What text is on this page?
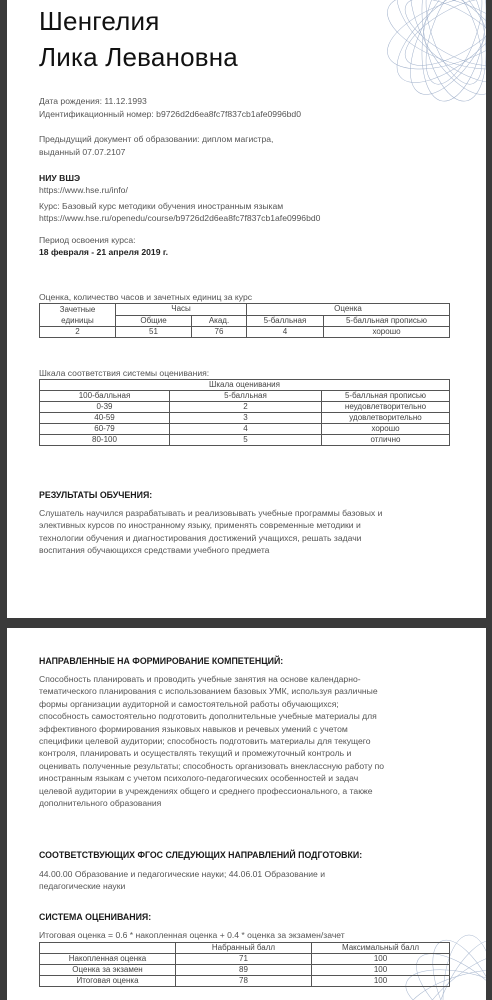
Шенгелия
Лика Левановна
Дата рождения: 11.12.1993
Идентификационный номер: b9726d2d6ea8fc7f837cb1afe0996bd0
Предыдущий документ об образовании: диплом магистра,
выданный 07.07.2107
НИУ ВШЭ
https://www.hse.ru/info/
Курс: Базовый курс методики обучения иностранным языкам
https://www.hse.ru/openedu/course/b9726d2d6ea8fc7f837cb1afe0996bd0
Период освоения курса:
18 февраля - 21 апреля 2019 г.
Оценка, количество часов и зачетных единиц за курс
Зачетные
единицы	Часы		Оценка	
	Общие	Акад.	5-балльная	5-балльная прописью
2	51	76	4	хорошо
Шкала соответствия системы оценивания:
Шкала оценивания		
100-балльная	5-балльная	5-балльная прописью
0-39	2	неудовлетворительно
40-59	3	удовлетворительно
60-79	4	хорошо
80-100	5	отлично
РЕЗУЛЬТАТЫ ОБУЧЕНИЯ:
Слушатель научился разрабатывать и реализовывать учебные программы базовых и
элективных курсов по иностранному языку, применять современные методики и
технологии обучения и диагностирования достижений учащихся, решать задачи
воспитания обучающихся средствами учебного предмета
НАПРАВЛЕННЫЕ НА ФОРМИРОВАНИЕ КОМПЕТЕНЦИЙ:
Способность планировать и проводить учебные занятия на основе календарно-
тематического планирования с использованием базовых УМК, используя различные
формы организации аудиторной и самостоятельной работы обучающихся;
способность самостоятельно подготовить дополнительные учебные материалы для
эффективного формирования языковых навыков и речевых умений с учетом
специфики целевой аудитории; способность подготовить материалы для текущего
контроля, планировать и осуществлять текущий и промежуточный контроль и
оценивать полученные результаты; способность организовать внеклассную работу по
иностранным языкам с учетом психолого-педагогических особенностей и задач
целевой аудитории в учреждениях общего и среднего профессионального, а также
дополнительного образования
СООТВЕТСТВУЮЩИХ ФГОС СЛЕДУЮЩИХ НАПРАВЛЕНИЙ ПОДГОТОВКИ:
44.00.00 Образование и педагогические науки; 44.06.01 Образование и
педагогические науки
СИСТЕМА ОЦЕНИВАНИЯ:
Итоговая оценка = 0.6 * накопленная оценка + 0.4 * оценка за экзамен/зачет
	Набранный балл	Максимальный балл
Накопленная оценка	71	100
Оценка за экзамен	89	100
Итоговая оценка	78	100
